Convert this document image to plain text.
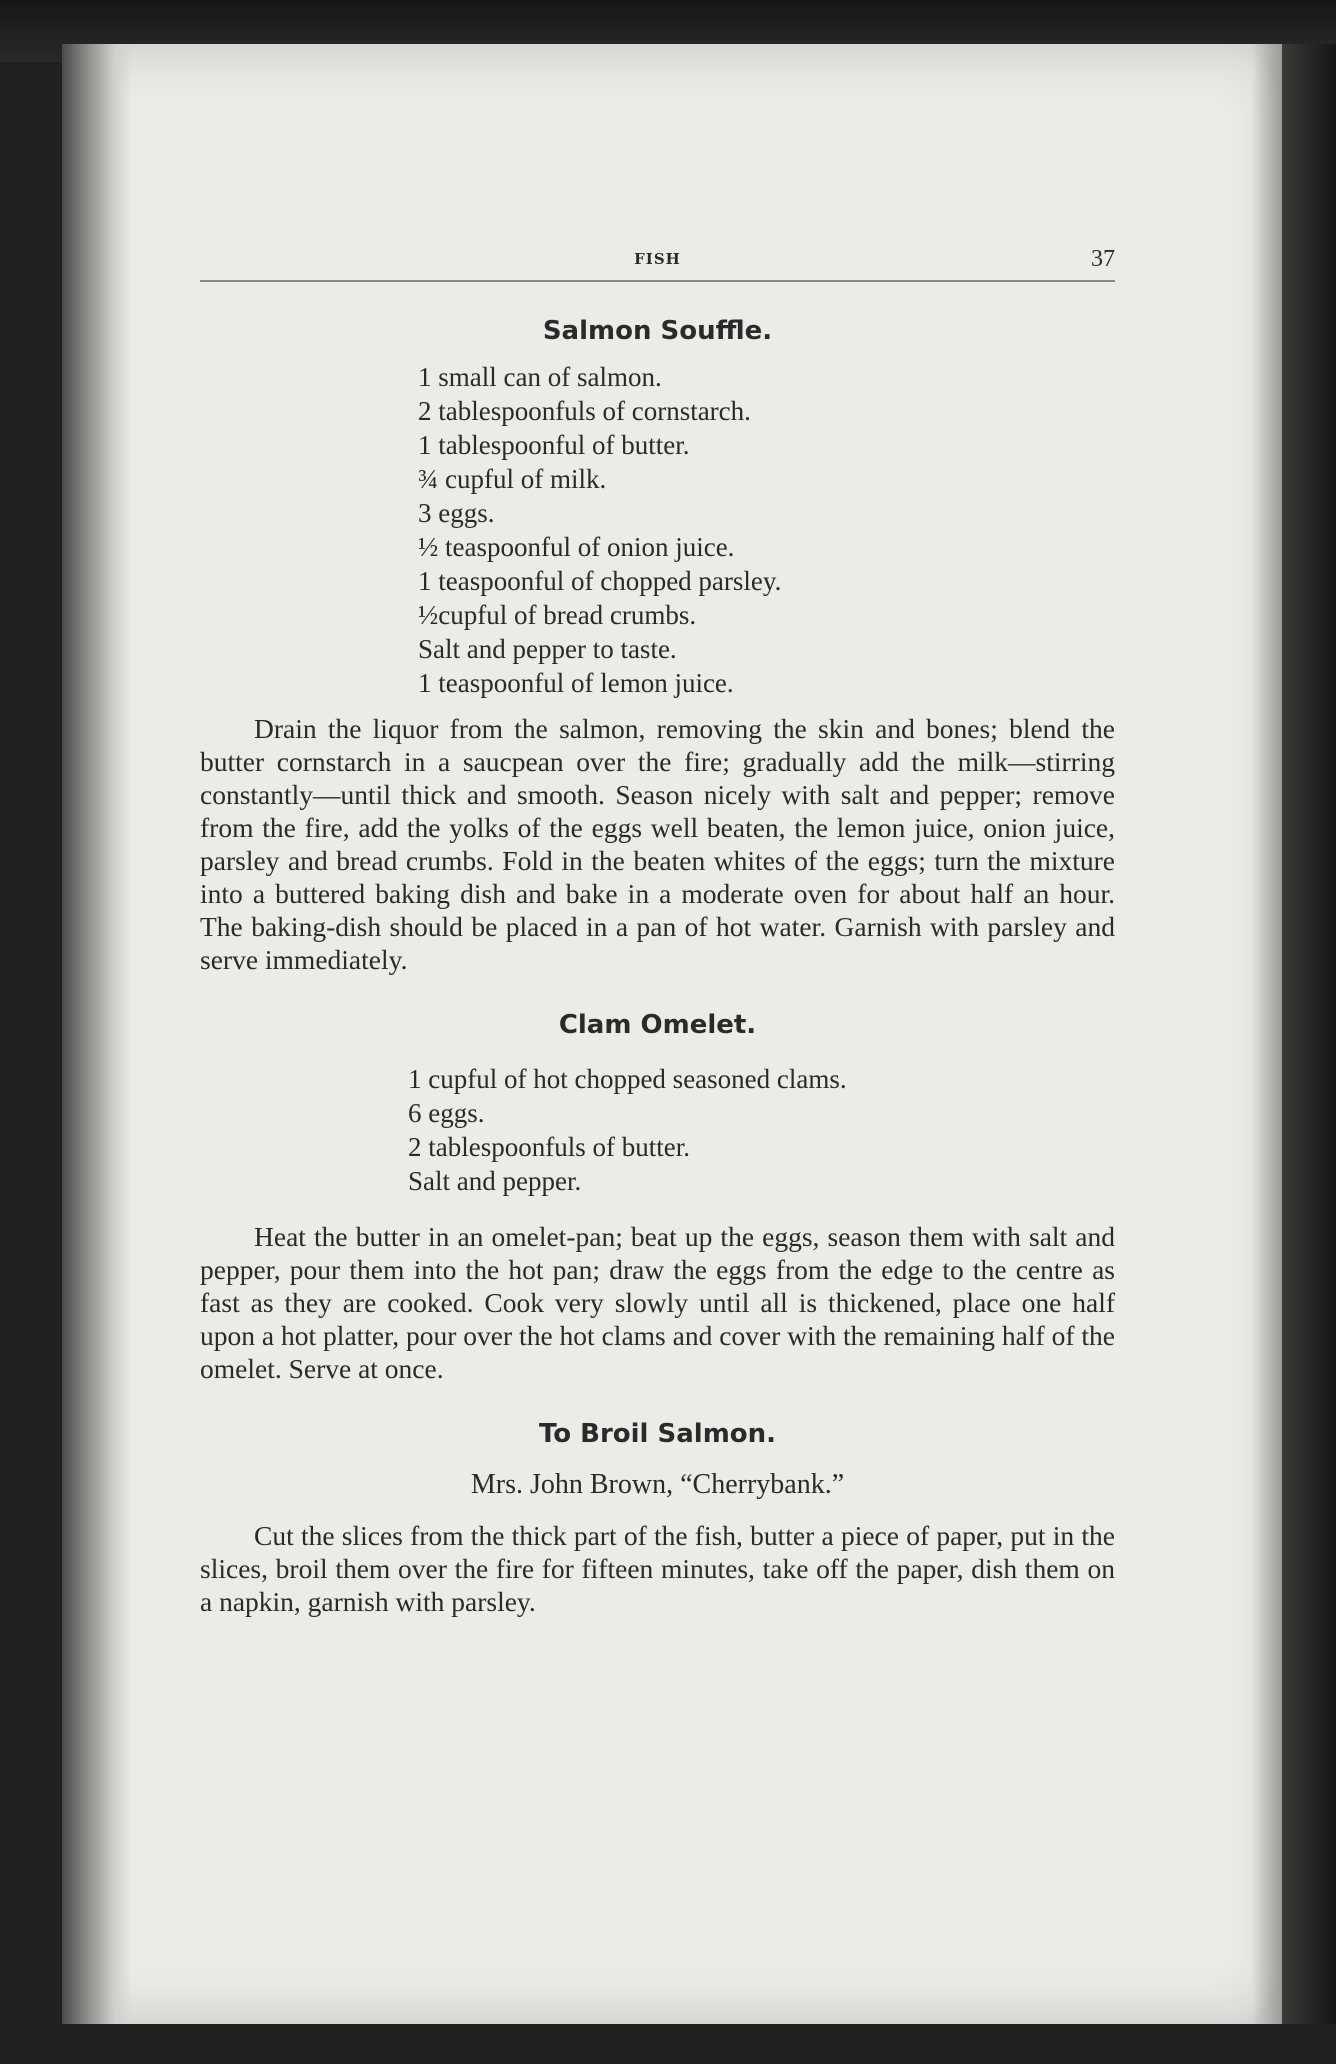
FISH	37
Salmon Souffle.
1 small can of salmon.
2 tablespoonfuls of cornstarch.
1 tablespoonful of butter.
¾ cupful of milk.
3 eggs.
½ teaspoonful of onion juice.
1 teaspoonful of chopped parsley.
½cupful of bread crumbs.
Salt and pepper to taste.
1 teaspoonful of lemon juice.

Drain the liquor from the salmon, removing the skin and bones; blend the butter cornstarch in a saucpean over the fire; gradually add the milk—stirring constantly—until thick and smooth. Season nicely with salt and pepper; remove from the fire, add the yolks of the eggs well beaten, the lemon juice, onion juice, parsley and bread crumbs. Fold in the beaten whites of the eggs; turn the mixture into a buttered baking dish and bake in a moderate oven for about half an hour. The baking-dish should be placed in a pan of hot water. Garnish with parsley and serve immediately.

Clam Omelet.
1 cupful of hot chopped seasoned clams.
6 eggs.
2 tablespoonfuls of butter.
Salt and pepper.

Heat the butter in an omelet-pan; beat up the eggs, season them with salt and pepper, pour them into the hot pan; draw the eggs from the edge to the centre as fast as they are cooked. Cook very slowly until all is thickened, place one half upon a hot platter, pour over the hot clams and cover with the remaining half of the omelet. Serve at once.

To Broil Salmon.

Mrs. John Brown, “Cherrybank.”

Cut the slices from the thick part of the fish, butter a piece of paper, put in the slices, broil them over the fire for fifteen minutes, take off the paper, dish them on a napkin, garnish with parsley.
